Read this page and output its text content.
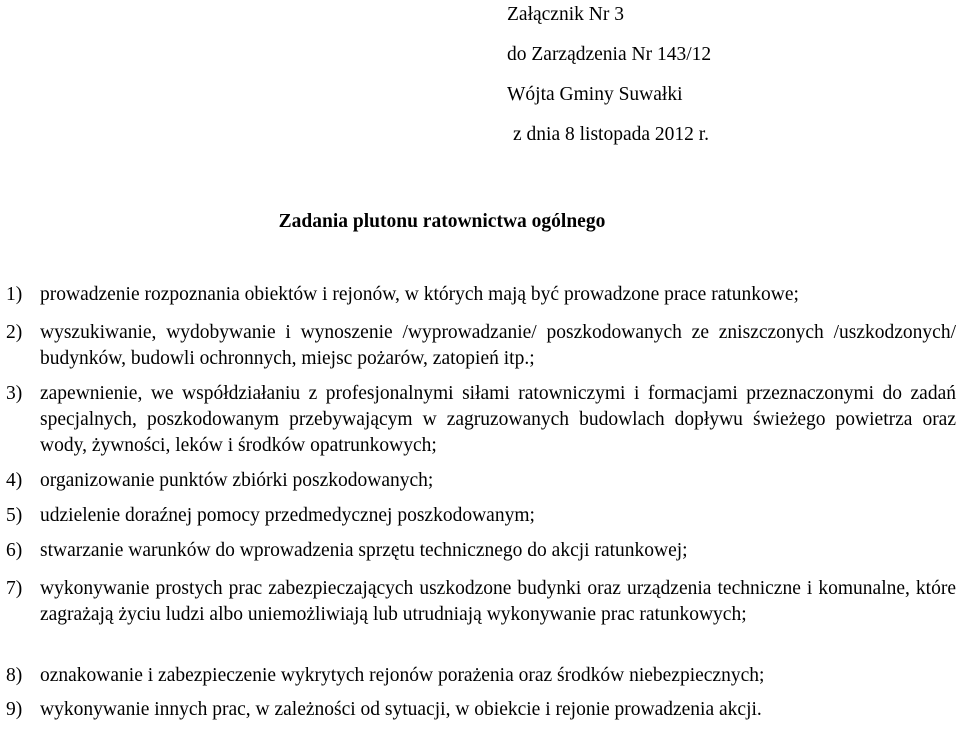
Załącznik Nr 3
do Zarządzenia Nr 143/12
Wójta Gminy Suwałki
z dnia 8 listopada 2012 r.
Zadania plutonu ratownictwa ogólnego
1) prowadzenie rozpoznania obiektów i rejonów, w których mają być prowadzone prace ratunkowe;
2) wyszukiwanie, wydobywanie i wynoszenie /wyprowadzanie/ poszkodowanych ze zniszczonych /uszkodzonych/ budynków, budowli ochronnych, miejsc pożarów, zatopień itp.;
3) zapewnienie, we współdziałaniu z profesjonalnymi siłami ratowniczymi i formacjami przeznaczonymi do zadań specjalnych, poszkodowanym przebywającym w zagruzowanych budowlach dopływu świeżego powietrza oraz wody, żywności, leków i środków opatrunkowych;
4) organizowanie punktów zbiórki poszkodowanych;
5) udzielenie doraźnej pomocy przedmedycznej poszkodowanym;
6) stwarzanie warunków do wprowadzenia sprzętu technicznego do akcji ratunkowej;
7) wykonywanie prostych prac zabezpieczających uszkodzone budynki oraz urządzenia techniczne i komunalne, które zagrażają życiu ludzi albo uniemożliwiają lub utrudniają wykonywanie prac ratunkowych;
8) oznakowanie i zabezpieczenie wykrytych rejonów porażenia oraz środków niebezpiecznych;
9) wykonywanie innych prac, w zależności od sytuacji, w obiekcie i rejonie prowadzenia akcji.
